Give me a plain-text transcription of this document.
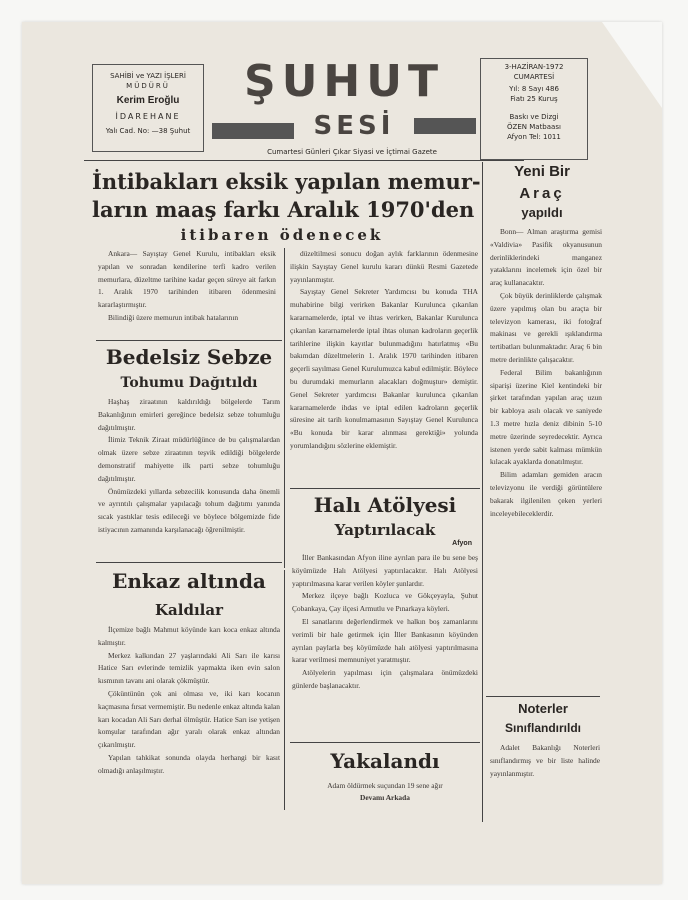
SAHİBİ ve YAZI İŞLERİ
MÜDÜRÜ
Kerim Eroğlu
İDAREHANE
Yalı Cad. No: —38 Şuhut
ŞUHUT
SESİ
Cumartesi Günleri Çıkar Siyasi ve İçtimai Gazete
3-HAZİRAN-1972
CUMARTESİ
Yıl: 8 Sayı 486
Fiatı 25 Kuruş
Baskı ve Dizgi
ÖZEN Matbaası
Afyon Tel: 1011
İntibakları eksik yapılan memur-
ların maaş farkı Aralık 1970'den
itibaren ödenecek

Ankara— Sayıştay Genel Kurulu, intibakları eksik yapılan ve sonradan kendilerine terfi kadro verilen memurlara, düzeltme tarihine kadar geçen süreye ait farkın 1. Aralık 1970 tarihinden itibaren ödenmesini kararlaştırmıştır.

Bilindiği üzere memurun intibak hatalarının

düzeltilmesi sonucu doğan aylık farklarının ödenmesine ilişkin Sayıştay Genel kurulu kararı dünkü Resmi Gazetede yayınlanmıştır.

Sayıştay Genel Sekreter Yardımcısı bu konuda THA muhabirine bilgi verirken Bakanlar Kurulunca çıkarılan kararnamelerde, iptal ve ihtas verirken, Bakanlar Kurulunca çıkarılan kararnamelerde iptal ihtas olunan kadroların geçerlik tarihlerine ilişkin kayıtlar bulunmadığını hatırlatmış «Bu bakımdan düzeltmelerin 1. Aralık 1970 tarihinden itibaren geçerli sayılması Genel Kurulumuzca kabul edilmiştir. Böylece bu durumdaki memurların alacakları doğmuştur» demiştir. Genel Sekreter yardımcısı Bakanlar kurulunca çıkarılan kararnamelerde ihdas ve iptal edilen kadroların geçerlik süresine ait tarih konulmamasının Sayıştay Genel Kurulunca «Bu konuda bir karar alınması gerektiği» yolunda yorumlandığını sözlerine eklemiştir.

Bedelsiz Sebze
Tohumu Dağıtıldı

Haşhaş ziraatının kaldırıldığı bölgelerde Tarım Bakanlığının emirleri gereğince bedelsiz sebze tohumluğu dağıtılmıştır.

İlimiz Teknik Ziraat müdürlüğünce de bu çalışmalardan olmak üzere sebze ziraatının teşvik edildiği bölgelerde demonstratif mahiyette ilk parti sebze tohumluğu dağıtılmıştır.

Önümüzdeki yıllarda sebzecilik konusunda daha önemli ve ayrıntılı çalışmalar yapılacağı tohum dağıtımı yanında sıcak yastıklar tesis edileceği ve böylece bölgemizde fide istiyacının zamanında karşılanacağı öğrenilmiştir.

Enkaz altında
Kaldılar

İlçemize bağlı Mahmut köyünde karı koca enkaz altında kalmıştır.

Merkez kalkından 27 yaşlarındaki Ali Sarı ile karısı Hatice Sarı evlerinde temizlik yapmakta iken evin salon kısmının tavanı ani olarak çökmüştür.

Çöküntünün çok ani olması ve, iki karı kocanın kaçmasına fırsat vermemiştir. Bu nedenle enkaz altında kalan karı kocadan Ali Sarı derhal ölmüştür. Hatice Sarı ise yetişen komşular tarafından ağır yaralı olarak enkaz altından çıkarılmıştır.

Yapılan tahkikat sonunda olayda herhangi bir kasıt olmadığı anlaşılmıştır.

Halı Atölyesi
Yaptırılacak
Afyon

İller Bankasından Afyon iline ayrılan para ile bu sene beş köyümüzde Halı Atölyesi yaptırılacaktır. Halı Atölyesi yaptırılmasına karar verilen köyler şunlardır.

Merkez ilçeye bağlı Kozluca ve Gökçeyayla, Şuhut Çobankaya, Çay ilçesi Armutlu ve Pınarkaya köyleri.

El sanatlarını değerlendirmek ve halkın boş zamanlarını verimli bir hale getirmek için İller Bankasının köyünden ayrılan paylarla beş köyümüzde halı atölyesi yaptırılmasına karar verilmesi memnuniyet yaratmıştır.

Atölyelerin yapılması için çalışmalara önümüzdeki günlerde başlanacaktır.

Yakalandı
Adam öldürmek suçundan 19 sene ağır
Devamı Arkada
Yeni Bir
Araç
yapıldı

Bonn— Alman araştırma gemisi «Valdivia» Pasifik okyanusunun derinliklerindeki manganez yataklarını incelemek için özel bir araç kullanacaktır.

Çok büyük derinliklerde çalışmak üzere yapılmış olan bu araçta bir televizyon kamerası, iki fotoğraf makinası ve gerekli ışıklandırma tertibatları bulunmaktadır. Araç 6 bin metre derinlikte çalışacaktır.

Federal Bilim bakanlığının siparişi üzerine Kiel kentindeki bir şirket tarafından yapılan araç uzun bir kabloya asılı olacak ve saniyede 1.3 metre hızla deniz dibinin 5-10 metre üzerinde seyredecektir. Ayrıca istenen yerde sabit kalması mümkün kılacak ayaklarda donatılmıştır.

Bilim adamları gemiden aracın televizyonu ile verdiği görüntülere bakarak ilgilenilen çeken yerleri inceleyebileceklerdir.

Noterler
Sınıflandırıldı

Adalet Bakanlığı Noterleri sınıflandırmış ve bir liste halinde yayınlanmıştır.
